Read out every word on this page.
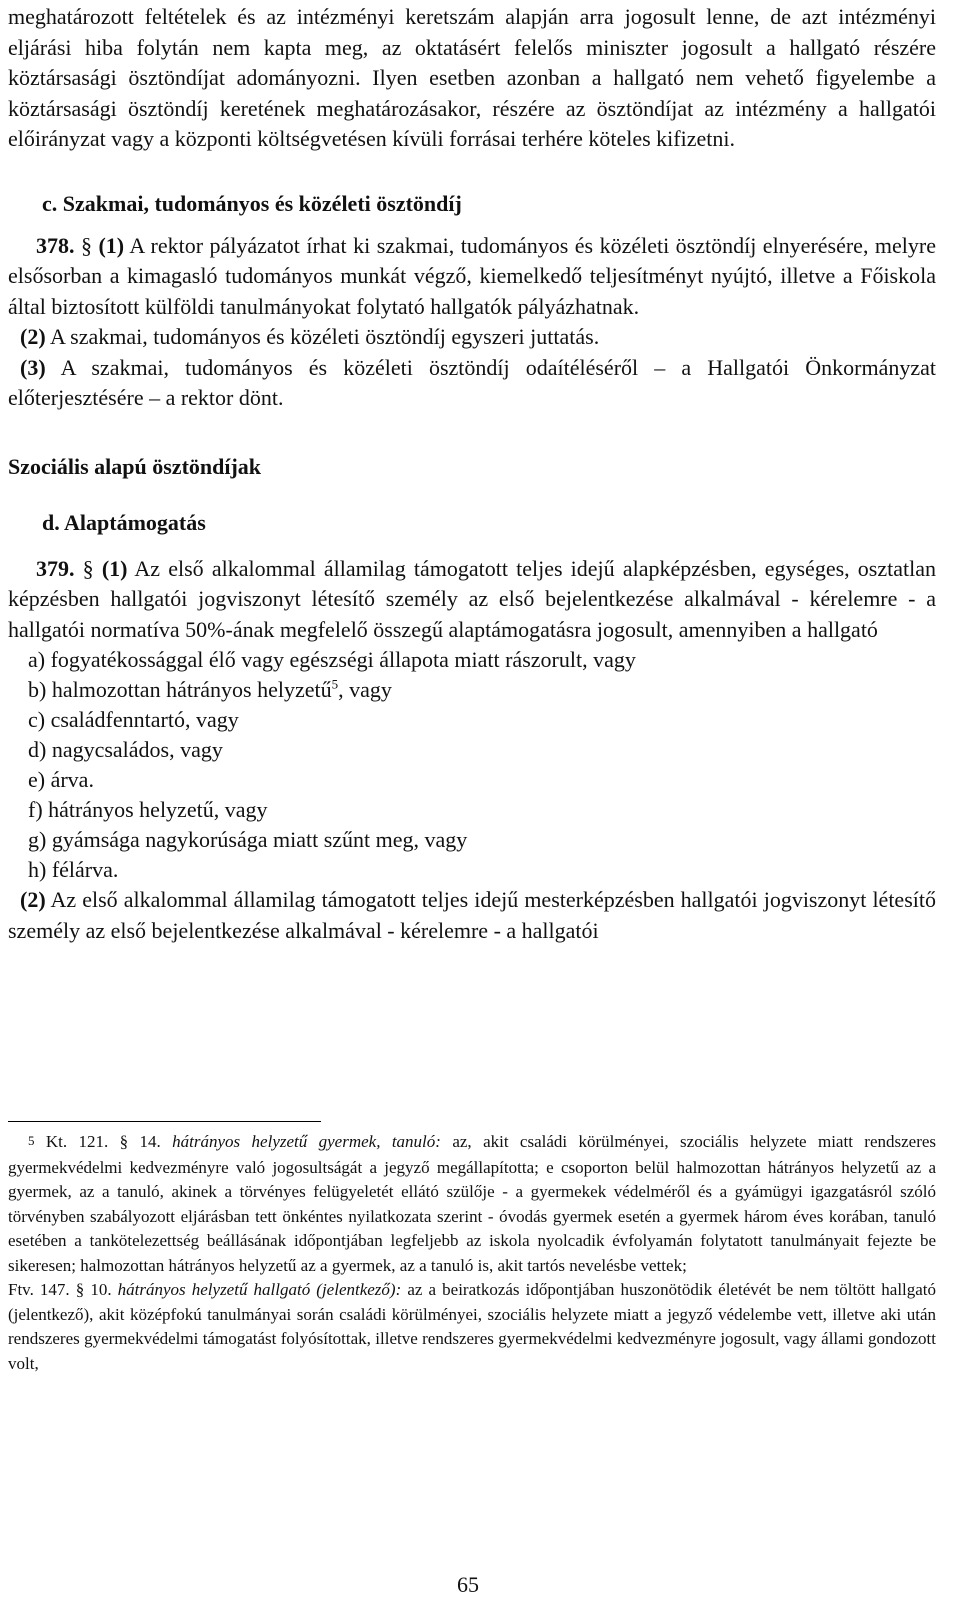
meghatározott feltételek és az intézményi keretszám alapján arra jogosult lenne, de azt intézményi eljárási hiba folytán nem kapta meg, az oktatásért felelős miniszter jogosult a hallgató részére köztársasági ösztöndíjat adományozni. Ilyen esetben azonban a hallgató nem vehető figyelembe a köztársasági ösztöndíj keretének meghatározásakor, részére az ösztöndíjat az intézmény a hallgatói előirányzat vagy a központi költségvetésen kívüli forrásai terhére köteles kifizetni.

c. Szakmai, tudományos és közéleti ösztöndíj

378. § (1) A rektor pályázatot írhat ki szakmai, tudományos és közéleti ösztöndíj elnyerésére, melyre elsősorban a kimagasló tudományos munkát végző, kiemelkedő teljesítményt nyújtó, illetve a Főiskola által biztosított külföldi tanulmányokat folytató hallgatók pályázhatnak.

(2) A szakmai, tudományos és közéleti ösztöndíj egyszeri juttatás.

(3) A szakmai, tudományos és közéleti ösztöndíj odaítéléséről – a Hallgatói Önkormányzat előterjesztésére – a rektor dönt.

Szociális alapú ösztöndíjak

d. Alaptámogatás

379. § (1) Az első alkalommal államilag támogatott teljes idejű alapképzésben, egységes, osztatlan képzésben hallgatói jogviszonyt létesítő személy az első bejelentkezése alkalmával - kérelemre - a hallgatói normatíva 50%-ának megfelelő összegű alaptámogatásra jogosult, amennyiben a hallgató

a) fogyatékossággal élő vagy egészségi állapota miatt rászorult, vagy

b) halmozottan hátrányos helyzetű$^5$, vagy

c) családfenntartó, vagy

d) nagycsaládos, vagy

e) árva.

f) hátrányos helyzetű, vagy

g) gyámsága nagykorúsága miatt szűnt meg, vagy

h) félárva.

(2) Az első alkalommal államilag támogatott teljes idejű mesterképzésben hallgatói jogviszonyt létesítő személy az első bejelentkezése alkalmával - kérelemre - a hallgatói

$^5$ Kt. 121. § 14. hátrányos helyzetű gyermek, tanuló: az, akit családi körülményei, szociális helyzete miatt rendszeres gyermekvédelmi kedvezményre való jogosultságát a jegyző megállapította; e csoporton belül halmozottan hátrányos helyzetű az a gyermek, az a tanuló, akinek a törvényes felügyeletét ellátó szülője - a gyermekek védelméről és a gyámügyi igazgatásról szóló törvényben szabályozott eljárásban tett önkéntes nyilatkozata szerint - óvodás gyermek esetén a gyermek három éves korában, tanuló esetében a tankötelezettség beállásának időpontjában legfeljebb az iskola nyolcadik évfolyamán folytatott tanulmányait fejezte be sikeresen; halmozottan hátrányos helyzetű az a gyermek, az a tanuló is, akit tartós nevelésbe vettek;

Ftv. 147. § 10. hátrányos helyzetű hallgató (jelentkező): az a beiratkozás időpontjában huszonötödik életévét be nem töltött hallgató (jelentkező), akit középfokú tanulmányai során családi körülményei, szociális helyzete miatt a jegyző védelembe vett, illetve aki után rendszeres gyermekvédelmi támogatást folyósítottak, illetve rendszeres gyermekvédelmi kedvezményre jogosult, vagy állami gondozott volt,

65
